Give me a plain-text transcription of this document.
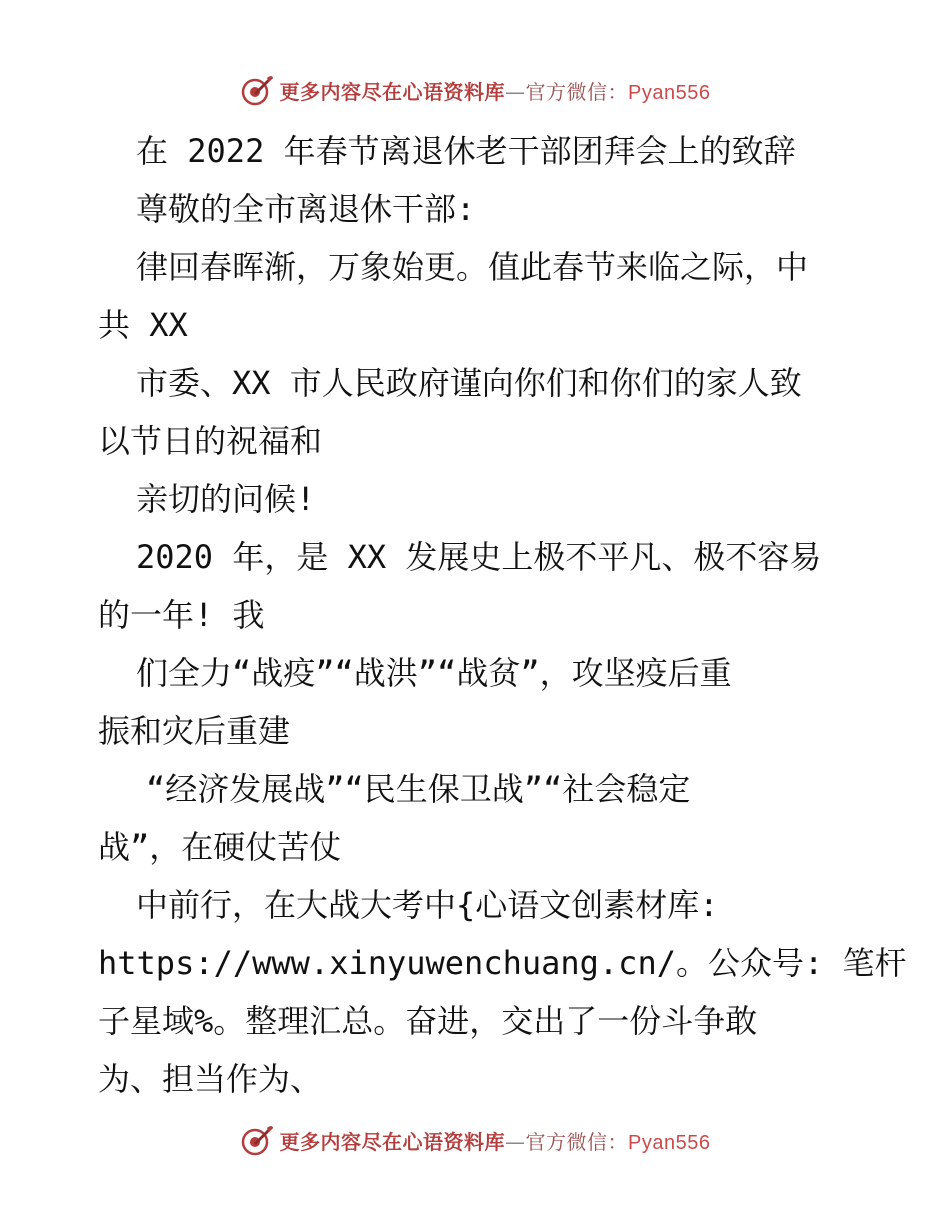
更多内容尽在心语资料库—官方微信：Pyan556
在 2022 年春节离退休老干部团拜会上的致辞
尊敬的全市离退休干部:
律回春晖渐，万象始更。值此春节来临之际，中
共 XX
市委、XX 市人民政府谨向你们和你们的家人致
以节日的祝福和
亲切的问候!
2020 年，是 XX 发展史上极不平凡、极不容易
的一年! 我
们全力“战疫”“战洪”“战贫”，攻坚疫后重
振和灾后重建
“经济发展战”“民生保卫战”“社会稳定
战”，在硬仗苦仗
中前行，在大战大考中{心语文创素材库:
https://www.xinyuwenchuang.cn/。公众号: 笔杆
子星域%。整理汇总。奋进，交出了一份斗争敢
为、担当作为、
更多内容尽在心语资料库—官方微信：Pyan556
